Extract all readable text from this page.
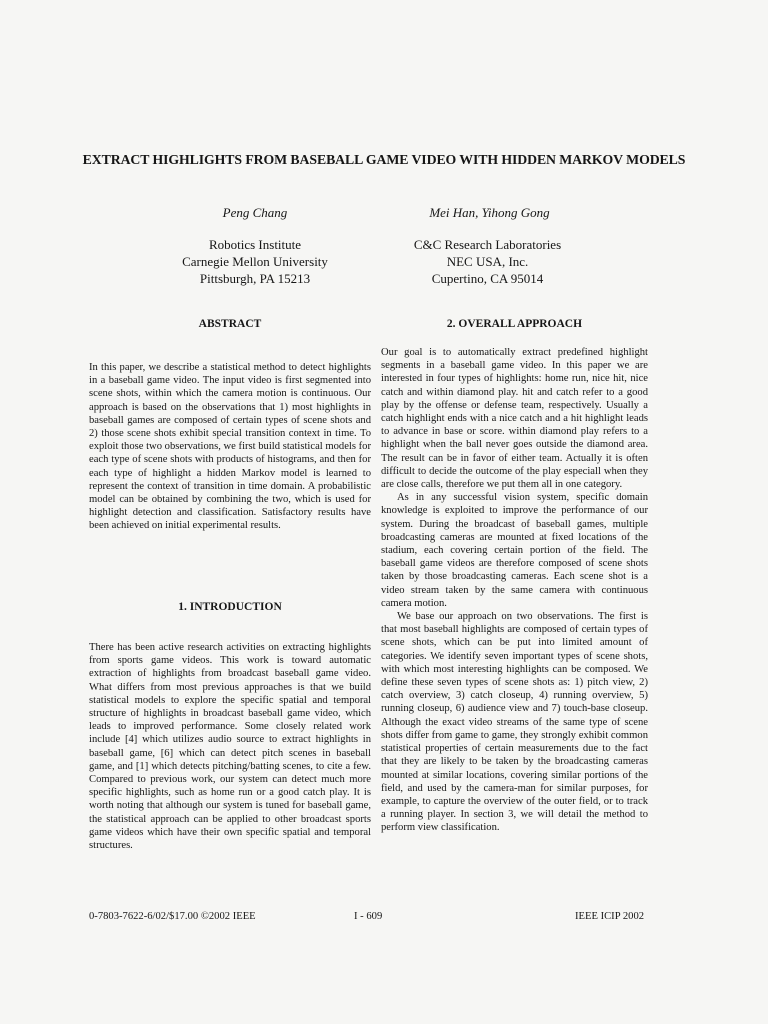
EXTRACT HIGHLIGHTS FROM BASEBALL GAME VIDEO WITH HIDDEN MARKOV MODELS
Peng Chang	Mei Han, Yihong Gong
Robotics Institute
Carnegie Mellon University
Pittsburgh, PA 15213
C&C Research Laboratories
NEC USA, Inc.
Cupertino, CA 95014
ABSTRACT	2. OVERALL APPROACH

In this paper, we describe a statistical method to detect highlights in a baseball game video. The input video is first segmented into scene shots, within which the camera motion is continuous. Our approach is based on the observations that 1) most highlights in baseball games are composed of certain types of scene shots and 2) those scene shots exhibit special transition context in time. To exploit those two observations, we first build statistical models for each type of scene shots with products of histograms, and then for each type of highlight a hidden Markov model is learned to represent the context of transition in time domain. A probabilistic model can be obtained by combining the two, which is used for highlight detection and classification. Satisfactory results have been achieved on initial experimental results.

1. INTRODUCTION

There has been active research activities on extracting highlights from sports game videos. This work is toward automatic extraction of highlights from broadcast baseball game video. What differs from most previous approaches is that we build statistical models to explore the specific spatial and temporal structure of highlights in broadcast baseball game video, which leads to improved performance. Some closely related work include [4] which utilizes audio source to extract highlights in baseball game, [6] which can detect pitch scenes in baseball game, and [1] which detects pitching/batting scenes, to cite a few. Compared to previous work, our system can detect much more specific highlights, such as home run or a good catch play. It is worth noting that although our system is tuned for baseball game, the statistical approach can be applied to other broadcast sports game videos which have their own specific spatial and temporal structures.

Our goal is to automatically extract predefined highlight segments in a baseball game video. In this paper we are interested in four types of highlights: home run, nice hit, nice catch and within diamond play. hit and catch refer to a good play by the offense or defense team, respectively. Usually a catch highlight ends with a nice catch and a hit highlight leads to advance in base or score. within diamond play refers to a highlight when the ball never goes outside the diamond area. The result can be in favor of either team. Actually it is often difficult to decide the outcome of the play especiall when they are close calls, therefore we put them all in one category.

As in any successful vision system, specific domain knowledge is exploited to improve the performance of our system. During the broadcast of baseball games, multiple broadcasting cameras are mounted at fixed locations of the stadium, each covering certain portion of the field. The baseball game videos are therefore composed of scene shots taken by those broadcasting cameras. Each scene shot is a video stream taken by the same camera with continuous camera motion.

We base our approach on two observations. The first is that most baseball highlights are composed of certain types of scene shots, which can be put into limited amount of categories. We identify seven important types of scene shots, with which most interesting highlights can be composed. We define these seven types of scene shots as: 1) pitch view, 2) catch overview, 3) catch closeup, 4) running overview, 5) running closeup, 6) audience view and 7) touch-base closeup. Although the exact video streams of the same type of scene shots differ from game to game, they strongly exhibit common statistical properties of certain measurements due to the fact that they are likely to be taken by the broadcasting cameras mounted at similar locations, covering similar portions of the field, and used by the camera-man for similar purposes, for example, to capture the overview of the outer field, or to track a running player. In section 3, we will detail the method to perform view classification.

0-7803-7622-6/02/$17.00 ©2002 IEEE	I - 609	IEEE ICIP 2002
